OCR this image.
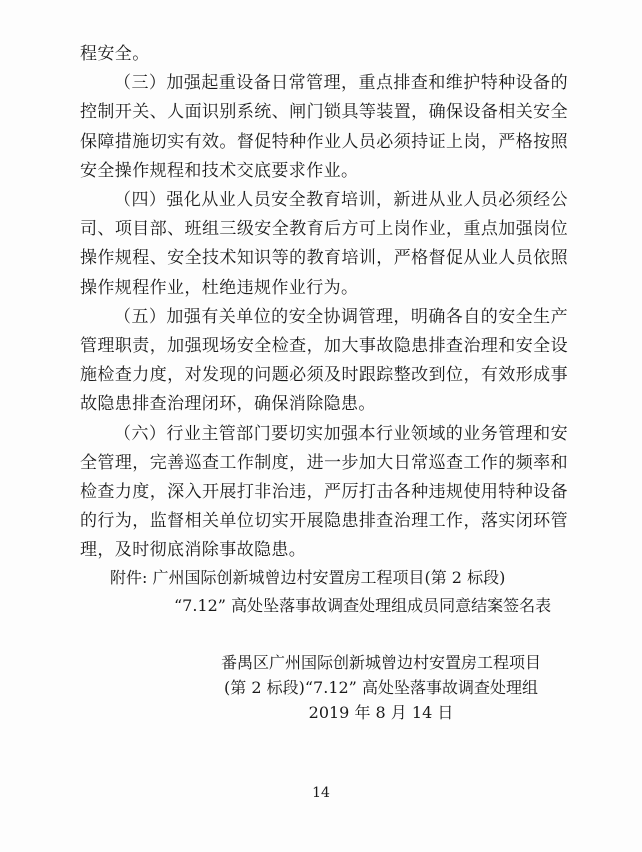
程安全。

（三）加强起重设备日常管理，重点排查和维护特种设备的控制开关、人面识别系统、闸门锁具等装置，确保设备相关安全保障措施切实有效。督促特种作业人员必须持证上岗，严格按照安全操作规程和技术交底要求作业。

（四）强化从业人员安全教育培训，新进从业人员必须经公司、项目部、班组三级安全教育后方可上岗作业，重点加强岗位操作规程、安全技术知识等的教育培训，严格督促从业人员依照操作规程作业，杜绝违规作业行为。

（五）加强有关单位的安全协调管理，明确各自的安全生产管理职责，加强现场安全检查，加大事故隐患排查治理和安全设施检查力度，对发现的问题必须及时跟踪整改到位，有效形成事故隐患排查治理闭环，确保消除隐患。

（六）行业主管部门要切实加强本行业领域的业务管理和安全管理，完善巡查工作制度，进一步加大日常巡查工作的频率和检查力度，深入开展打非治违，严厉打击各种违规使用特种设备的行为，监督相关单位切实开展隐患排查治理工作，落实闭环管理，及时彻底消除事故隐患。

附件: 广州国际创新城曾边村安置房工程项目(第 2 标段)
“7.12” 高处坠落事故调查处理组成员同意结案签名表
番禺区广州国际创新城曾边村安置房工程项目
(第 2 标段)“7.12” 高处坠落事故调查处理组
2019 年 8 月 14 日
14
